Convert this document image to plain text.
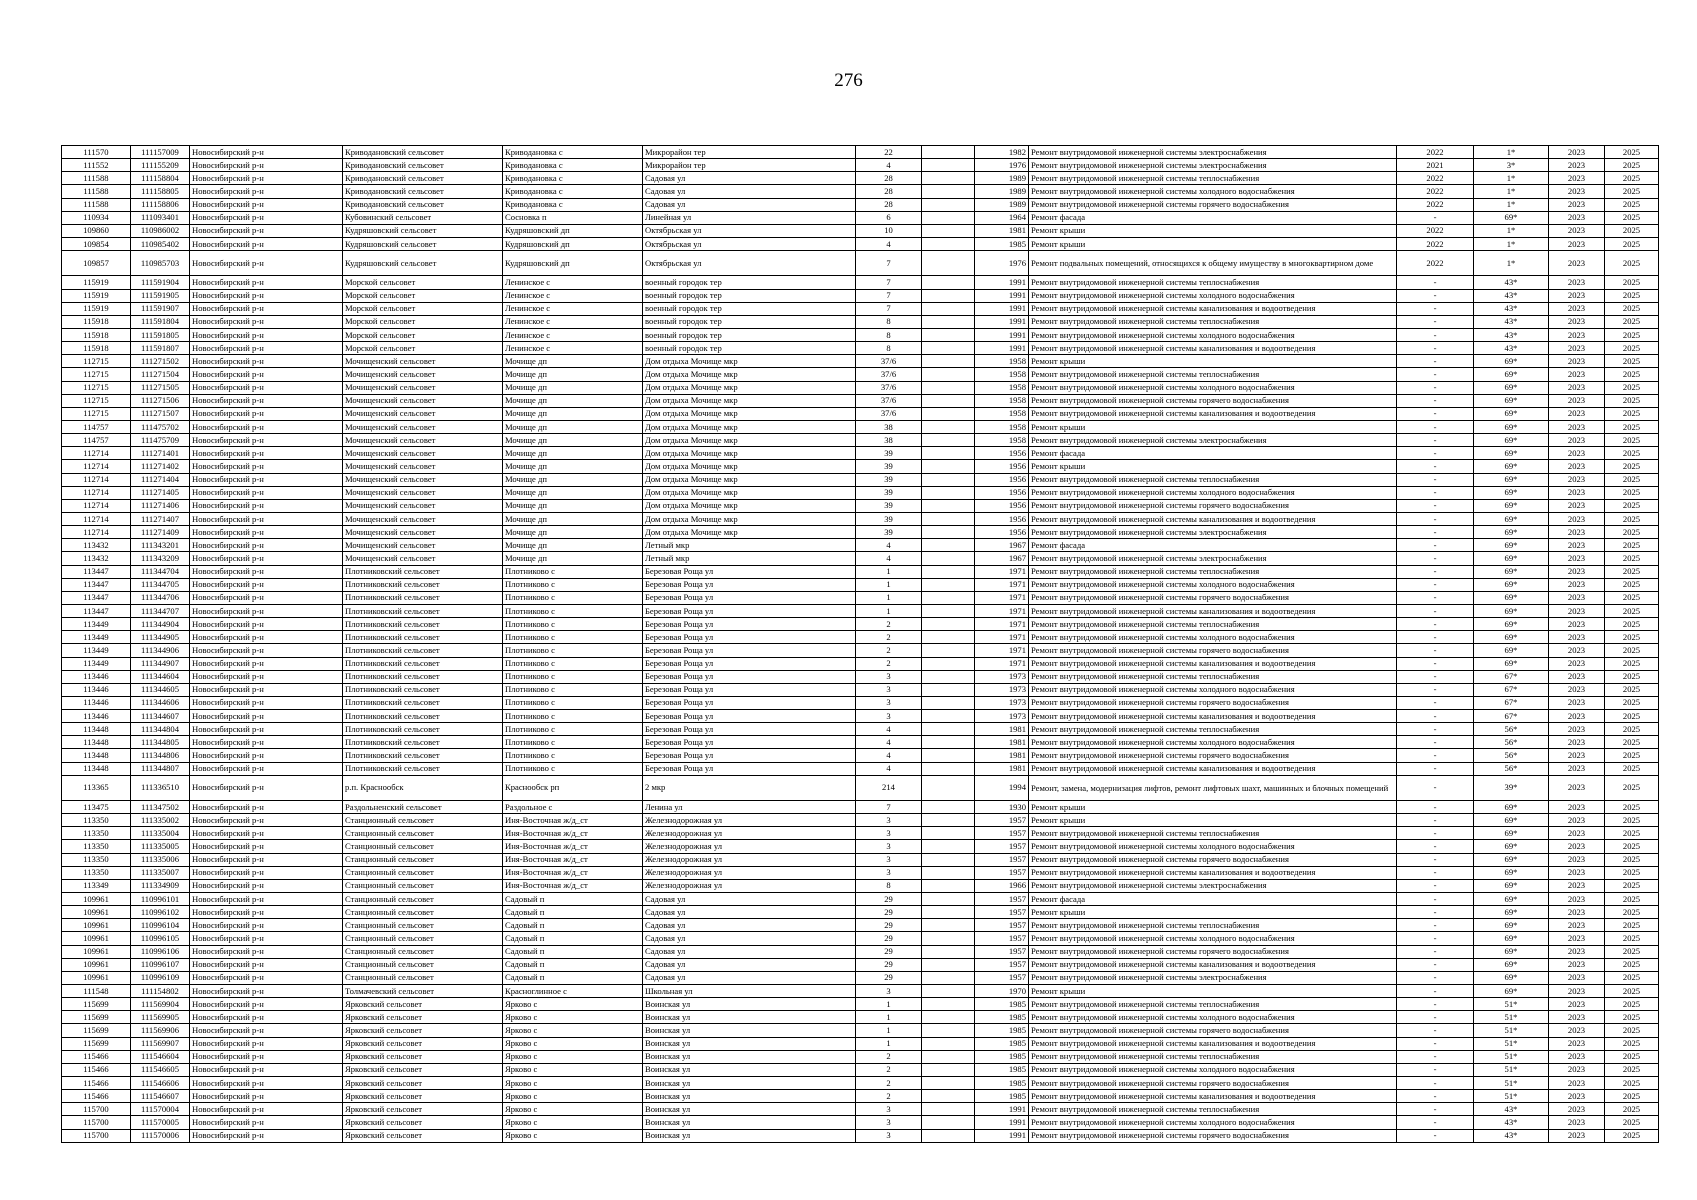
276
111570	111157009	Новосибирский р-н	Криводановский сельсовет	Криводановка с	Микрорайон тер	22		1982	Ремонт внутридомовой инженерной системы электроснабжения	2022	1*	2023	2025
111552	111155209	Новосибирский р-н	Криводановский сельсовет	Криводановка с	Микрорайон тер	4		1976	Ремонт внутридомовой инженерной системы электроснабжения	2021	3*	2023	2025
111588	111158804	Новосибирский р-н	Криводановский сельсовет	Криводановка с	Садовая ул	28		1989	Ремонт внутридомовой инженерной системы теплоснабжения	2022	1*	2023	2025
111588	111158805	Новосибирский р-н	Криводановский сельсовет	Криводановка с	Садовая ул	28		1989	Ремонт внутридомовой инженерной системы холодного водоснабжения	2022	1*	2023	2025
111588	111158806	Новосибирский р-н	Криводановский сельсовет	Криводановка с	Садовая ул	28		1989	Ремонт внутридомовой инженерной системы горячего водоснабжения	2022	1*	2023	2025
110934	111093401	Новосибирский р-н	Кубовинский сельсовет	Сосновка п	Линейная ул	6		1964	Ремонт фасада	-	69*	2023	2025
109860	110986002	Новосибирский р-н	Кудряшовский сельсовет	Кудряшовский дп	Октябрьская ул	10		1981	Ремонт крыши	2022	1*	2023	2025
109854	110985402	Новосибирский р-н	Кудряшовский сельсовет	Кудряшовский дп	Октябрьская ул	4		1985	Ремонт крыши	2022	1*	2023	2025
109857	110985703	Новосибирский р-н	Кудряшовский сельсовет	Кудряшовский дп	Октябрьская ул	7		1976	Ремонт подвальных помещений, относящихся к общему имуществу в многоквартирном доме	2022	1*	2023	2025
115919	111591904	Новосибирский р-н	Морской сельсовет	Ленинское с	военный городок тер	7		1991	Ремонт внутридомовой инженерной системы теплоснабжения	-	43*	2023	2025
115919	111591905	Новосибирский р-н	Морской сельсовет	Ленинское с	военный городок тер	7		1991	Ремонт внутридомовой инженерной системы холодного водоснабжения	-	43*	2023	2025
115919	111591907	Новосибирский р-н	Морской сельсовет	Ленинское с	военный городок тер	7		1991	Ремонт внутридомовой инженерной системы канализования и водоотведения	-	43*	2023	2025
115918	111591804	Новосибирский р-н	Морской сельсовет	Ленинское с	военный городок тер	8		1991	Ремонт внутридомовой инженерной системы теплоснабжения	-	43*	2023	2025
115918	111591805	Новосибирский р-н	Морской сельсовет	Ленинское с	военный городок тер	8		1991	Ремонт внутридомовой инженерной системы холодного водоснабжения	-	43*	2023	2025
115918	111591807	Новосибирский р-н	Морской сельсовет	Ленинское с	военный городок тер	8		1991	Ремонт внутридомовой инженерной системы канализования и водоотведения	-	43*	2023	2025
112715	111271502	Новосибирский р-н	Мочищенский сельсовет	Мочище дп	Дом отдыха Мочище мкр	37/6		1958	Ремонт крыши	-	69*	2023	2025
112715	111271504	Новосибирский р-н	Мочищенский сельсовет	Мочище дп	Дом отдыха Мочище мкр	37/6		1958	Ремонт внутридомовой инженерной системы теплоснабжения	-	69*	2023	2025
112715	111271505	Новосибирский р-н	Мочищенский сельсовет	Мочище дп	Дом отдыха Мочище мкр	37/6		1958	Ремонт внутридомовой инженерной системы холодного водоснабжения	-	69*	2023	2025
112715	111271506	Новосибирский р-н	Мочищенский сельсовет	Мочище дп	Дом отдыха Мочище мкр	37/6		1958	Ремонт внутридомовой инженерной системы горячего водоснабжения	-	69*	2023	2025
112715	111271507	Новосибирский р-н	Мочищенский сельсовет	Мочище дп	Дом отдыха Мочище мкр	37/6		1958	Ремонт внутридомовой инженерной системы канализования и водоотведения	-	69*	2023	2025
114757	111475702	Новосибирский р-н	Мочищенский сельсовет	Мочище дп	Дом отдыха Мочище мкр	38		1958	Ремонт крыши	-	69*	2023	2025
114757	111475709	Новосибирский р-н	Мочищенский сельсовет	Мочище дп	Дом отдыха Мочище мкр	38		1958	Ремонт внутридомовой инженерной системы электроснабжения	-	69*	2023	2025
112714	111271401	Новосибирский р-н	Мочищенский сельсовет	Мочище дп	Дом отдыха Мочище мкр	39		1956	Ремонт фасада	-	69*	2023	2025
112714	111271402	Новосибирский р-н	Мочищенский сельсовет	Мочище дп	Дом отдыха Мочище мкр	39		1956	Ремонт крыши	-	69*	2023	2025
112714	111271404	Новосибирский р-н	Мочищенский сельсовет	Мочище дп	Дом отдыха Мочище мкр	39		1956	Ремонт внутридомовой инженерной системы теплоснабжения	-	69*	2023	2025
112714	111271405	Новосибирский р-н	Мочищенский сельсовет	Мочище дп	Дом отдыха Мочище мкр	39		1956	Ремонт внутридомовой инженерной системы холодного водоснабжения	-	69*	2023	2025
112714	111271406	Новосибирский р-н	Мочищенский сельсовет	Мочище дп	Дом отдыха Мочище мкр	39		1956	Ремонт внутридомовой инженерной системы горячего водоснабжения	-	69*	2023	2025
112714	111271407	Новосибирский р-н	Мочищенский сельсовет	Мочище дп	Дом отдыха Мочище мкр	39		1956	Ремонт внутридомовой инженерной системы канализования и водоотведения	-	69*	2023	2025
112714	111271409	Новосибирский р-н	Мочищенский сельсовет	Мочище дп	Дом отдыха Мочище мкр	39		1956	Ремонт внутридомовой инженерной системы электроснабжения	-	69*	2023	2025
113432	111343201	Новосибирский р-н	Мочищенский сельсовет	Мочище дп	Летный мкр	4		1967	Ремонт фасада	-	69*	2023	2025
113432	111343209	Новосибирский р-н	Мочищенский сельсовет	Мочище дп	Летный мкр	4		1967	Ремонт внутридомовой инженерной системы электроснабжения	-	69*	2023	2025
113447	111344704	Новосибирский р-н	Плотниковский сельсовет	Плотниково с	Березовая Роща ул	1		1971	Ремонт внутридомовой инженерной системы теплоснабжения	-	69*	2023	2025
113447	111344705	Новосибирский р-н	Плотниковский сельсовет	Плотниково с	Березовая Роща ул	1		1971	Ремонт внутридомовой инженерной системы холодного водоснабжения	-	69*	2023	2025
113447	111344706	Новосибирский р-н	Плотниковский сельсовет	Плотниково с	Березовая Роща ул	1		1971	Ремонт внутридомовой инженерной системы горячего водоснабжения	-	69*	2023	2025
113447	111344707	Новосибирский р-н	Плотниковский сельсовет	Плотниково с	Березовая Роща ул	1		1971	Ремонт внутридомовой инженерной системы канализования и водоотведения	-	69*	2023	2025
113449	111344904	Новосибирский р-н	Плотниковский сельсовет	Плотниково с	Березовая Роща ул	2		1971	Ремонт внутридомовой инженерной системы теплоснабжения	-	69*	2023	2025
113449	111344905	Новосибирский р-н	Плотниковский сельсовет	Плотниково с	Березовая Роща ул	2		1971	Ремонт внутридомовой инженерной системы холодного водоснабжения	-	69*	2023	2025
113449	111344906	Новосибирский р-н	Плотниковский сельсовет	Плотниково с	Березовая Роща ул	2		1971	Ремонт внутридомовой инженерной системы горячего водоснабжения	-	69*	2023	2025
113449	111344907	Новосибирский р-н	Плотниковский сельсовет	Плотниково с	Березовая Роща ул	2		1971	Ремонт внутридомовой инженерной системы канализования и водоотведения	-	69*	2023	2025
113446	111344604	Новосибирский р-н	Плотниковский сельсовет	Плотниково с	Березовая Роща ул	3		1973	Ремонт внутридомовой инженерной системы теплоснабжения	-	67*	2023	2025
113446	111344605	Новосибирский р-н	Плотниковский сельсовет	Плотниково с	Березовая Роща ул	3		1973	Ремонт внутридомовой инженерной системы холодного водоснабжения	-	67*	2023	2025
113446	111344606	Новосибирский р-н	Плотниковский сельсовет	Плотниково с	Березовая Роща ул	3		1973	Ремонт внутридомовой инженерной системы горячего водоснабжения	-	67*	2023	2025
113446	111344607	Новосибирский р-н	Плотниковский сельсовет	Плотниково с	Березовая Роща ул	3		1973	Ремонт внутридомовой инженерной системы канализования и водоотведения	-	67*	2023	2025
113448	111344804	Новосибирский р-н	Плотниковский сельсовет	Плотниково с	Березовая Роща ул	4		1981	Ремонт внутридомовой инженерной системы теплоснабжения	-	56*	2023	2025
113448	111344805	Новосибирский р-н	Плотниковский сельсовет	Плотниково с	Березовая Роща ул	4		1981	Ремонт внутридомовой инженерной системы холодного водоснабжения	-	56*	2023	2025
113448	111344806	Новосибирский р-н	Плотниковский сельсовет	Плотниково с	Березовая Роща ул	4		1981	Ремонт внутридомовой инженерной системы горячего водоснабжения	-	56*	2023	2025
113448	111344807	Новосибирский р-н	Плотниковский сельсовет	Плотниково с	Березовая Роща ул	4		1981	Ремонт внутридомовой инженерной системы канализования и водоотведения	-	56*	2023	2025
113365	111336510	Новосибирский р-н	р.п. Краснообск	Краснообск рп	2 мкр	214		1994	Ремонт, замена, модернизация лифтов, ремонт лифтовых шахт, машинных и блочных помещений	-	39*	2023	2025
113475	111347502	Новосибирский р-н	Раздольненский сельсовет	Раздольное с	Ленина ул	7		1930	Ремонт крыши	-	69*	2023	2025
113350	111335002	Новосибирский р-н	Станционный сельсовет	Иня-Восточная ж/д_ст	Железнодорожная ул	3		1957	Ремонт крыши	-	69*	2023	2025
113350	111335004	Новосибирский р-н	Станционный сельсовет	Иня-Восточная ж/д_ст	Железнодорожная ул	3		1957	Ремонт внутридомовой инженерной системы теплоснабжения	-	69*	2023	2025
113350	111335005	Новосибирский р-н	Станционный сельсовет	Иня-Восточная ж/д_ст	Железнодорожная ул	3		1957	Ремонт внутридомовой инженерной системы холодного водоснабжения	-	69*	2023	2025
113350	111335006	Новосибирский р-н	Станционный сельсовет	Иня-Восточная ж/д_ст	Железнодорожная ул	3		1957	Ремонт внутридомовой инженерной системы горячего водоснабжения	-	69*	2023	2025
113350	111335007	Новосибирский р-н	Станционный сельсовет	Иня-Восточная ж/д_ст	Железнодорожная ул	3		1957	Ремонт внутридомовой инженерной системы канализования и водоотведения	-	69*	2023	2025
113349	111334909	Новосибирский р-н	Станционный сельсовет	Иня-Восточная ж/д_ст	Железнодорожная ул	8		1966	Ремонт внутридомовой инженерной системы электроснабжения	-	69*	2023	2025
109961	110996101	Новосибирский р-н	Станционный сельсовет	Садовый п	Садовая ул	29		1957	Ремонт фасада	-	69*	2023	2025
109961	110996102	Новосибирский р-н	Станционный сельсовет	Садовый п	Садовая ул	29		1957	Ремонт крыши	-	69*	2023	2025
109961	110996104	Новосибирский р-н	Станционный сельсовет	Садовый п	Садовая ул	29		1957	Ремонт внутридомовой инженерной системы теплоснабжения	-	69*	2023	2025
109961	110996105	Новосибирский р-н	Станционный сельсовет	Садовый п	Садовая ул	29		1957	Ремонт внутридомовой инженерной системы холодного водоснабжения	-	69*	2023	2025
109961	110996106	Новосибирский р-н	Станционный сельсовет	Садовый п	Садовая ул	29		1957	Ремонт внутридомовой инженерной системы горячего водоснабжения	-	69*	2023	2025
109961	110996107	Новосибирский р-н	Станционный сельсовет	Садовый п	Садовая ул	29		1957	Ремонт внутридомовой инженерной системы канализования и водоотведения	-	69*	2023	2025
109961	110996109	Новосибирский р-н	Станционный сельсовет	Садовый п	Садовая ул	29		1957	Ремонт внутридомовой инженерной системы электроснабжения	-	69*	2023	2025
111548	111154802	Новосибирский р-н	Толмачевский сельсовет	Красноглинное с	Школьная ул	3		1970	Ремонт крыши	-	69*	2023	2025
115699	111569904	Новосибирский р-н	Ярковский сельсовет	Ярково с	Воинская ул	1		1985	Ремонт внутридомовой инженерной системы теплоснабжения	-	51*	2023	2025
115699	111569905	Новосибирский р-н	Ярковский сельсовет	Ярково с	Воинская ул	1		1985	Ремонт внутридомовой инженерной системы холодного водоснабжения	-	51*	2023	2025
115699	111569906	Новосибирский р-н	Ярковский сельсовет	Ярково с	Воинская ул	1		1985	Ремонт внутридомовой инженерной системы горячего водоснабжения	-	51*	2023	2025
115699	111569907	Новосибирский р-н	Ярковский сельсовет	Ярково с	Воинская ул	1		1985	Ремонт внутридомовой инженерной системы канализования и водоотведения	-	51*	2023	2025
115466	111546604	Новосибирский р-н	Ярковский сельсовет	Ярково с	Воинская ул	2		1985	Ремонт внутридомовой инженерной системы теплоснабжения	-	51*	2023	2025
115466	111546605	Новосибирский р-н	Ярковский сельсовет	Ярково с	Воинская ул	2		1985	Ремонт внутридомовой инженерной системы холодного водоснабжения	-	51*	2023	2025
115466	111546606	Новосибирский р-н	Ярковский сельсовет	Ярково с	Воинская ул	2		1985	Ремонт внутридомовой инженерной системы горячего водоснабжения	-	51*	2023	2025
115466	111546607	Новосибирский р-н	Ярковский сельсовет	Ярково с	Воинская ул	2		1985	Ремонт внутридомовой инженерной системы канализования и водоотведения	-	51*	2023	2025
115700	111570004	Новосибирский р-н	Ярковский сельсовет	Ярково с	Воинская ул	3		1991	Ремонт внутридомовой инженерной системы теплоснабжения	-	43*	2023	2025
115700	111570005	Новосибирский р-н	Ярковский сельсовет	Ярково с	Воинская ул	3		1991	Ремонт внутридомовой инженерной системы холодного водоснабжения	-	43*	2023	2025
115700	111570006	Новосибирский р-н	Ярковский сельсовет	Ярково с	Воинская ул	3		1991	Ремонт внутридомовой инженерной системы горячего водоснабжения	-	43*	2023	2025
